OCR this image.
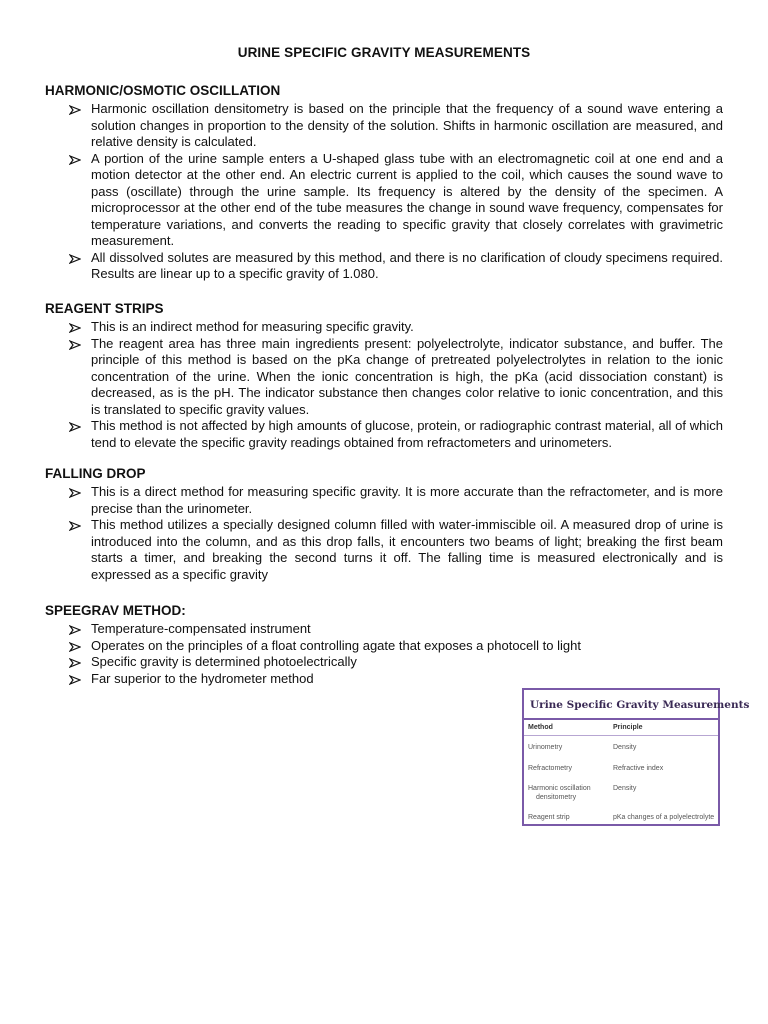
URINE SPECIFIC GRAVITY MEASUREMENTS
HARMONIC/OSMOTIC OSCILLATION
Harmonic oscillation densitometry is based on the principle that the frequency of a sound wave entering a solution changes in proportion to the density of the solution. Shifts in harmonic oscillation are measured, and relative density is calculated.
A portion of the urine sample enters a U-shaped glass tube with an electromagnetic coil at one end and a motion detector at the other end. An electric current is applied to the coil, which causes the sound wave to pass (oscillate) through the urine sample. Its frequency is altered by the density of the specimen. A microprocessor at the other end of the tube measures the change in sound wave frequency, compensates for temperature variations, and converts the reading to specific gravity that closely correlates with gravimetric measurement.
All dissolved solutes are measured by this method, and there is no clarification of cloudy specimens required. Results are linear up to a specific gravity of 1.080.
REAGENT STRIPS
This is an indirect method for measuring specific gravity.
The reagent area has three main ingredients present: polyelectrolyte, indicator substance, and buffer. The principle of this method is based on the pKa change of pretreated polyelectrolytes in relation to the ionic concentration of the urine. When the ionic concentration is high, the pKa (acid dissociation constant) is decreased, as is the pH. The indicator substance then changes color relative to ionic concentration, and this is translated to specific gravity values.
This method is not affected by high amounts of glucose, protein, or radiographic contrast material, all of which tend to elevate the specific gravity readings obtained from refractometers and urinometers.
FALLING DROP
This is a direct method for measuring specific gravity. It is more accurate than the refractometer, and is more precise than the urinometer.
This method utilizes a specially designed column filled with water-immiscible oil. A measured drop of urine is introduced into the column, and as this drop falls, it encounters two beams of light; breaking the first beam starts a timer, and breaking the second turns it off. The falling time is measured electronically and is expressed as a specific gravity
SPEEGRAV METHOD:
Temperature-compensated instrument
Operates on the principles of a float controlling agate that exposes a photocell to light
Specific gravity is determined photoelectrically
Far superior to the hydrometer method
Urine Specific Gravity Measurements
Method	Principle
Urinometry	Density
Refractometry	Refractive index
Harmonic oscillation	Density
densitometry
Reagent strip	pKa changes of a polyelectrolyte
